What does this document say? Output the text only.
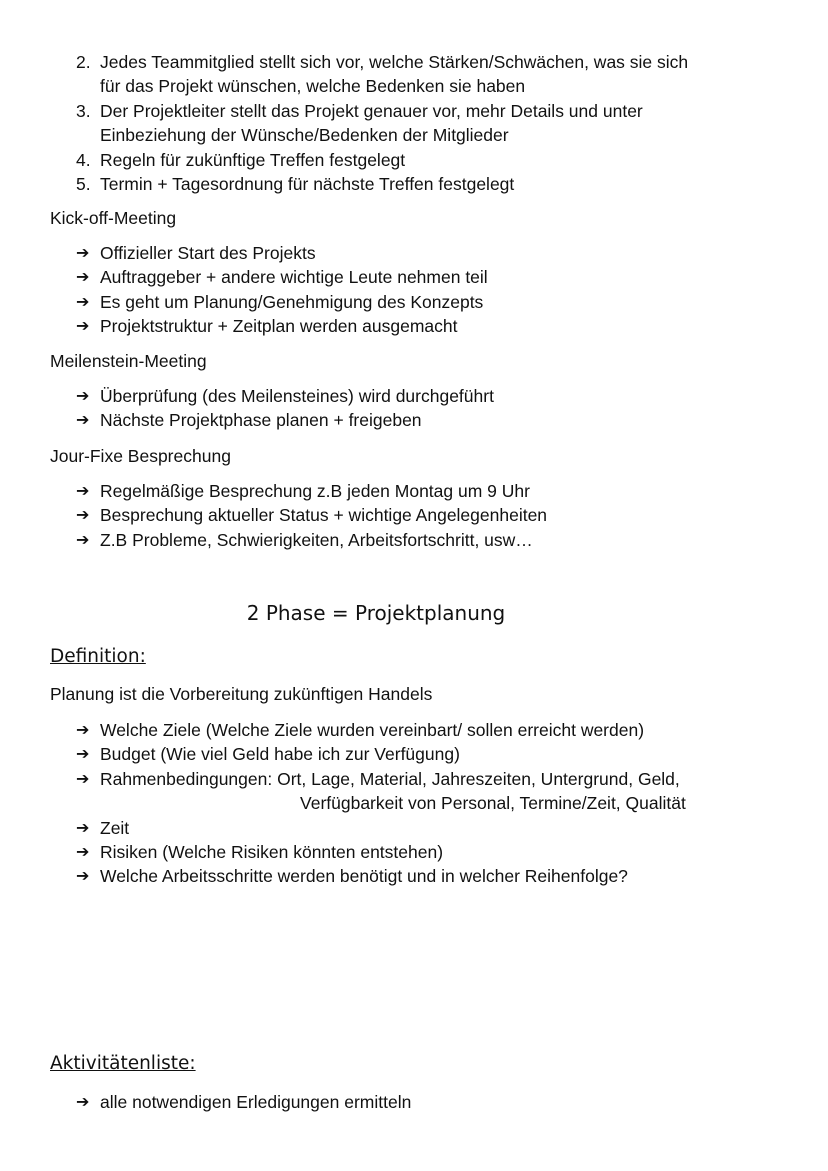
2. Jedes Teammitglied stellt sich vor, welche Stärken/Schwächen, was sie sich
für das Projekt wünschen, welche Bedenken sie haben
3. Der Projektleiter stellt das Projekt genauer vor, mehr Details und unter
Einbeziehung der Wünsche/Bedenken der Mitglieder
4. Regeln für zukünftige Treffen festgelegt
5. Termin + Tagesordnung für nächste Treffen festgelegt
Kick-off-Meeting
➔ Offizieller Start des Projekts
➔ Auftraggeber + andere wichtige Leute nehmen teil
➔ Es geht um Planung/Genehmigung des Konzepts
➔ Projektstruktur + Zeitplan werden ausgemacht
Meilenstein-Meeting
➔ Überprüfung (des Meilensteines) wird durchgeführt
➔ Nächste Projektphase planen + freigeben
Jour-Fixe Besprechung
➔ Regelmäßige Besprechung z.B jeden Montag um 9 Uhr
➔ Besprechung aktueller Status + wichtige Angelegenheiten
➔ Z.B Probleme, Schwierigkeiten, Arbeitsfortschritt, usw…
2 Phase = Projektplanung
Definition:
Planung ist die Vorbereitung zukünftigen Handels
➔ Welche Ziele (Welche Ziele wurden vereinbart/ sollen erreicht werden)
➔ Budget (Wie viel Geld habe ich zur Verfügung)
➔ Rahmenbedingungen: Ort, Lage, Material, Jahreszeiten, Untergrund, Geld,
Verfügbarkeit von Personal, Termine/Zeit, Qualität
➔ Zeit
➔ Risiken (Welche Risiken könnten entstehen)
➔ Welche Arbeitsschritte werden benötigt und in welcher Reihenfolge?
Aktivitätenliste:
➔ alle notwendigen Erledigungen ermitteln
